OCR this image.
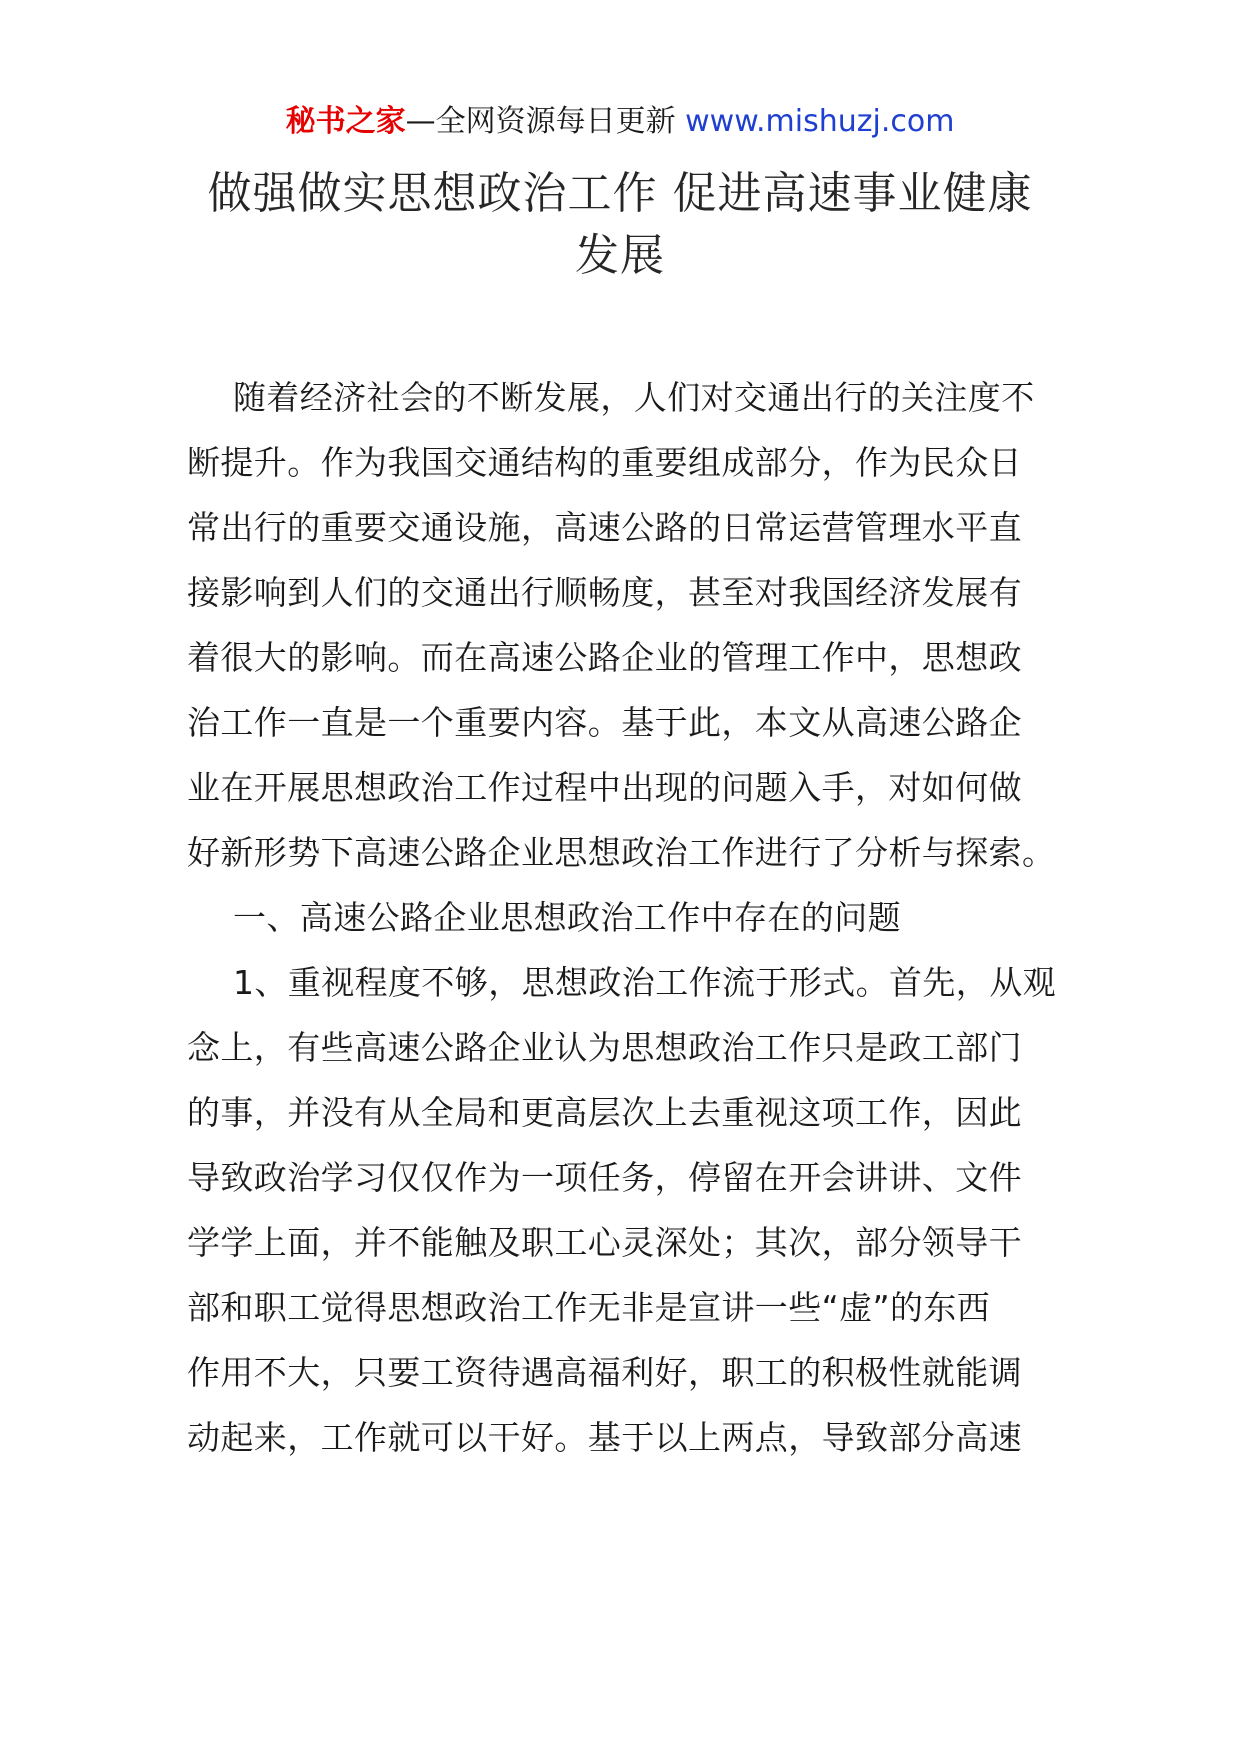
秘书之家—全网资源每日更新 www.mishuzj.com
做强做实思想政治工作 促进高速事业健康
发展
随着经济社会的不断发展，人们对交通出行的关注度不
断提升。作为我国交通结构的重要组成部分，作为民众日
常出行的重要交通设施，高速公路的日常运营管理水平直
接影响到人们的交通出行顺畅度，甚至对我国经济发展有
着很大的影响。而在高速公路企业的管理工作中，思想政
治工作一直是一个重要内容。基于此，本文从高速公路企
业在开展思想政治工作过程中出现的问题入手，对如何做
好新形势下高速公路企业思想政治工作进行了分析与探索。
一、高速公路企业思想政治工作中存在的问题
1、重视程度不够，思想政治工作流于形式。首先，从观
念上，有些高速公路企业认为思想政治工作只是政工部门
的事，并没有从全局和更高层次上去重视这项工作，因此
导致政治学习仅仅作为一项任务，停留在开会讲讲、文件
学学上面，并不能触及职工心灵深处；其次，部分领导干
部和职工觉得思想政治工作无非是宣讲一些“虚”的东西
作用不大，只要工资待遇高福利好，职工的积极性就能调
动起来，工作就可以干好。基于以上两点，导致部分高速
